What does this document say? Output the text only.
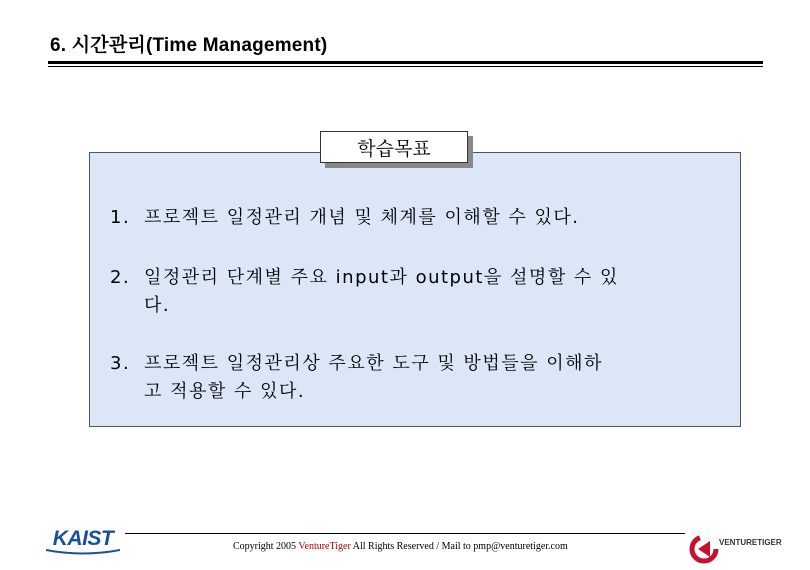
6. 시간관리(Time Management)
학습목표
1. 프로젝트 일정관리 개념 및 체계를 이해할 수 있다.
2. 일정관리 단계별 주요 input과 output을 설명할 수 있
다.
3. 프로젝트 일정관리상 주요한 도구 및 방법들을 이해하
고 적용할 수 있다.
Copyright 2005 VentureTiger All Rights Reserved / Mail to pmp@venturetiger.com
KAIST	VENTURETIGER
